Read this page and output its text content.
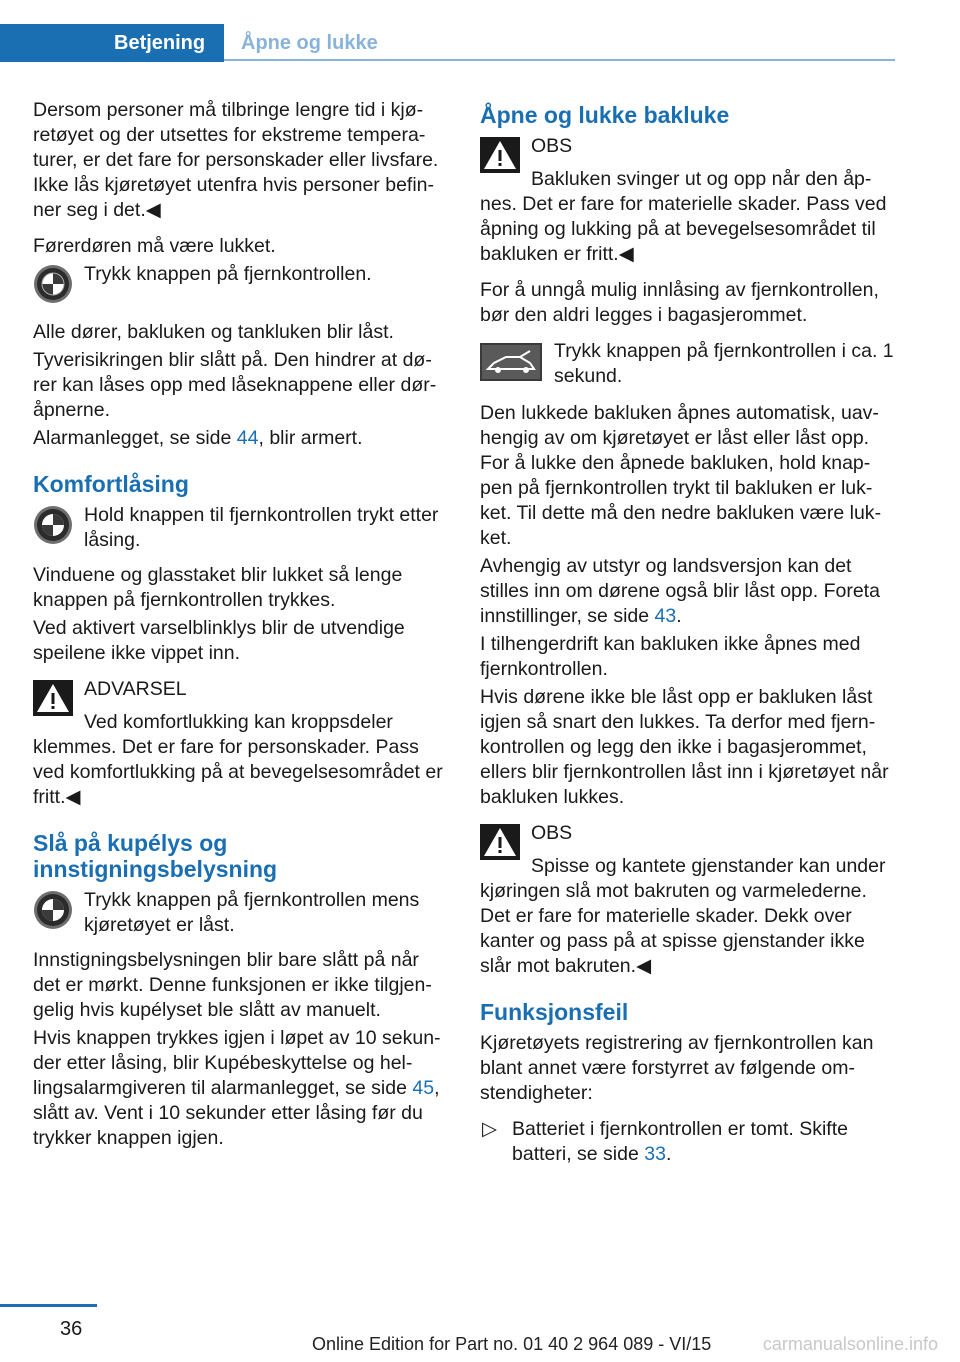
Betjening	Åpne og lukke

Dersom personer må tilbringe lengre tid i kjøretøyet og der utsettes for ekstreme temperaturer, er det fare for personskader eller livsfare. Ikke lås kjøretøyet utenfra hvis personer befinner seg i det.◀

Førerdøren må være lukket.

Trykk knappen på fjernkontrollen.

Alle dører, bakluken og tankluken blir låst.

Tyverisikringen blir slått på. Den hindrer at dører kan låses opp med låseknappene eller døråpnerne.

Alarmanlegget, se side 44, blir armert.

Komfortlåsing
Hold knappen til fjernkontrollen trykt etter låsing.

Vinduene og glasstaket blir lukket så lenge knappen på fjernkontrollen trykkes.

Ved aktivert varselblinklys blir de utvendige speilene ikke vippet inn.

ADVARSEL
Ved komfortlukking kan kroppsdeler klemmes. Det er fare for personskader. Pass ved komfortlukking på at bevegelsesområdet er fritt.◀
Slå på kupélys og innstigningsbelysning
Trykk knappen på fjernkontrollen mens kjøretøyet er låst.

Innstigningsbelysningen blir bare slått på når det er mørkt. Denne funksjonen er ikke tilgjengelig hvis kupélyset ble slått av manuelt.

Hvis knappen trykkes igjen i løpet av 10 sekunder etter låsing, blir Kupébeskyttelse og hellingsalarmgiveren til alarmanlegget, se side 45, slått av. Vent i 10 sekunder etter låsing før du trykker knappen igjen.

Åpne og lukke bakluke
OBS
Bakluken svinger ut og opp når den åpnes. Det er fare for materielle skader. Pass ved åpning og lukking på at bevegelsesområdet til bakluken er fritt.◀

For å unngå mulig innlåsing av fjernkontrollen, bør den aldri legges i bagasjerommet.

Trykk knappen på fjernkontrollen i ca. 1 sekund.

Den lukkede bakluken åpnes automatisk, uavhengig av om kjøretøyet er låst eller låst opp. For å lukke den åpnede bakluken, hold knappen på fjernkontrollen trykt til bakluken er lukket. Til dette må den nedre bakluken være lukket.

Avhengig av utstyr og landsversjon kan det stilles inn om dørene også blir låst opp. Foreta innstillinger, se side 43.

I tilhengerdrift kan bakluken ikke åpnes med fjernkontrollen.

Hvis dørene ikke ble låst opp er bakluken låst igjen så snart den lukkes. Ta derfor med fjernkontrollen og legg den ikke i bagasjerommet, ellers blir fjernkontrollen låst inn i kjøretøyet når bakluken lukkes.

OBS
Spisse og kantete gjenstander kan under kjøringen slå mot bakruten og varmelederne. Det er fare for materielle skader. Dekk over kanter og pass på at spisse gjenstander ikke slår mot bakruten.◀
Funksjonsfeil

Kjøretøyets registrering av fjernkontrollen kan blant annet være forstyrret av følgende omstendigheter:

▷ Batteriet i fjernkontrollen er tomt. Skifte batteri, se side 33.
36
Online Edition for Part no. 01 40 2 964 089 - VI/15	carmanualsonline.info
